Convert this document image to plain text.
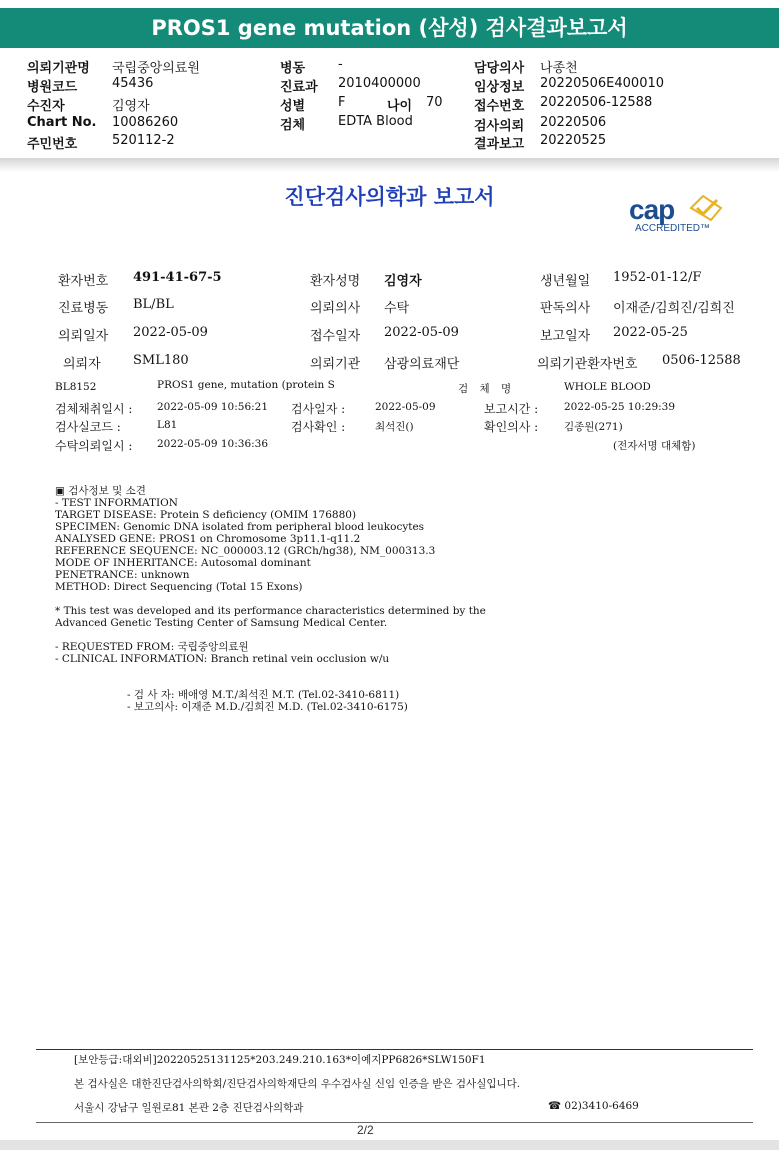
PROS1 gene mutation (삼성) 검사결과보고서
의뢰기관명 국립중앙의료원
병원코드	45436
수진자	김영자
Chart No. 10086260
주민번호	520112-2
병동	-
진료과 2010400000
성별	F	나이 70
검체	EDTA Blood
담당의사 나종천
임상정보 20220506E400010
접수번호 20220506-12588
검사의뢰 20220506
결과보고 20220525
진단검사의학과 보고서	cap
ACCREDITED™
환자번호 491-41-67-5	환자성명 김영자	생년월일 1952-01-12/F
진료병동 BL/BL	의뢰의사 수탁	판독의사 이재준/김희진/김희진
의뢰일자 2022-05-09	접수일자 2022-05-09	보고일자 2022-05-25
의뢰자 SML180	의뢰기관 삼광의료재단	의뢰기관환자번호 0506-12588
BL8152	PROS1 gene, mutation (protein S	검 체 명	WHOLE BLOOD
검체채취일시 : 2022-05-09 10:56:21 검사일자 :	2022-05-09	보고시간 : 2022-05-25 10:29:39
검사실코드 :	L81	검사확인 :	최석진()	확인의사 : 김종원(271)
수탁의뢰일시 : 2022-05-09 10:36:36	(전자서명 대체함)
▣ 검사정보 및 소견
- TEST INFORMATION
TARGET DISEASE: Protein S deficiency (OMIM 176880)
SPECIMEN: Genomic DNA isolated from peripheral blood leukocytes
ANALYSED GENE: PROS1 on Chromosome 3p11.1-q11.2
REFERENCE SEQUENCE: NC_000003.12 (GRCh/hg38), NM_000313.3
MODE OF INHERITANCE: Autosomal dominant
PENETRANCE: unknown
METHOD: Direct Sequencing (Total 15 Exons)
* This test was developed and its performance characteristics determined by the
Advanced Genetic Testing Center of Samsung Medical Center.
- REQUESTED FROM: 국립중앙의료원
- CLINICAL INFORMATION: Branch retinal vein occlusion w/u
- 검 사 자: 배애영 M.T./최석진 M.T. (Tel.02-3410-6811)
- 보고의사: 이재준 M.D./김희진 M.D. (Tel.02-3410-6175)
[보안등급:대외비]20220525131125*203.249.210.163*이예지PP6826*SLW150F1
본 검사실은 대한진단검사의학회/진단검사의학재단의 우수검사실 신임 인증을 받은 검사실입니다.
서울시 강남구 일원로81 본관 2층 진단검사의학과	☎ 02)3410-6469
2/2
